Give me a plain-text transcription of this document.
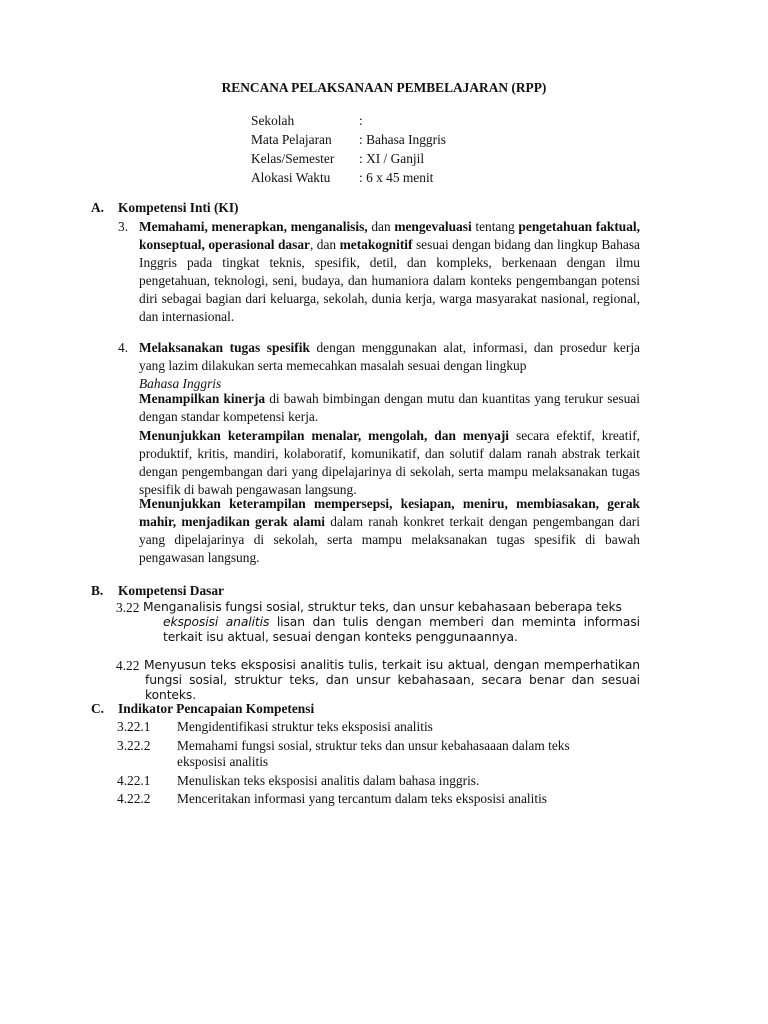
RENCANA PELAKSANAAN PEMBELAJARAN (RPP)
Sekolah	:
Mata Pelajaran : Bahasa Inggris
Kelas/Semester : XI / Ganjil
Alokasi Waktu : 6 x 45 menit
A. Kompetensi Inti (KI)
3. Memahami, menerapkan, menganalisis, dan mengevaluasi tentang pengetahuan faktual, konseptual, operasional dasar, dan metakognitif sesuai dengan bidang dan lingkup Bahasa Inggris pada tingkat teknis, spesifik, detil, dan kompleks, berkenaan dengan ilmu pengetahuan, teknologi, seni, budaya, dan humaniora dalam konteks pengembangan potensi diri sebagai bagian dari keluarga, sekolah, dunia kerja, warga masyarakat nasional, regional, dan internasional.
4. Melaksanakan tugas spesifik dengan menggunakan alat, informasi, dan prosedur kerja yang lazim dilakukan serta memecahkan masalah sesuai dengan lingkup
Bahasa Inggris
Menampilkan kinerja di bawah bimbingan dengan mutu dan kuantitas yang terukur sesuai dengan standar kompetensi kerja.
Menunjukkan keterampilan menalar, mengolah, dan menyaji secara efektif, kreatif, produktif, kritis, mandiri, kolaboratif, komunikatif, dan solutif dalam ranah abstrak terkait dengan pengembangan dari yang dipelajarinya di sekolah, serta mampu melaksanakan tugas spesifik di bawah pengawasan langsung.
Menunjukkan keterampilan mempersepsi, kesiapan, meniru, membiasakan, gerak mahir, menjadikan gerak alami dalam ranah konkret terkait dengan pengembangan dari yang dipelajarinya di sekolah, serta mampu melaksanakan tugas spesifik di bawah pengawasan langsung.
B. Kompetensi Dasar
3.22 Menganalisis fungsi sosial, struktur teks, dan unsur kebahasaan beberapa teks
eksposisi analitis lisan dan tulis dengan memberi dan meminta informasi terkait isu aktual, sesuai dengan konteks penggunaannya.
4.22 Menyusun teks eksposisi analitis tulis, terkait isu aktual, dengan memperhatikan fungsi sosial, struktur teks, dan unsur kebahasaan, secara benar dan sesuai konteks.
C. Indikator Pencapaian Kompetensi
3.22.1 Mengidentifikasi struktur teks eksposisi analitis
3.22.2 Memahami fungsi sosial, struktur teks dan unsur kebahasaaan dalam teks
eksposisi analitis
4.22.1 Menuliskan teks eksposisi analitis dalam bahasa inggris.
4.22.2 Menceritakan informasi yang tercantum dalam teks eksposisi analitis
